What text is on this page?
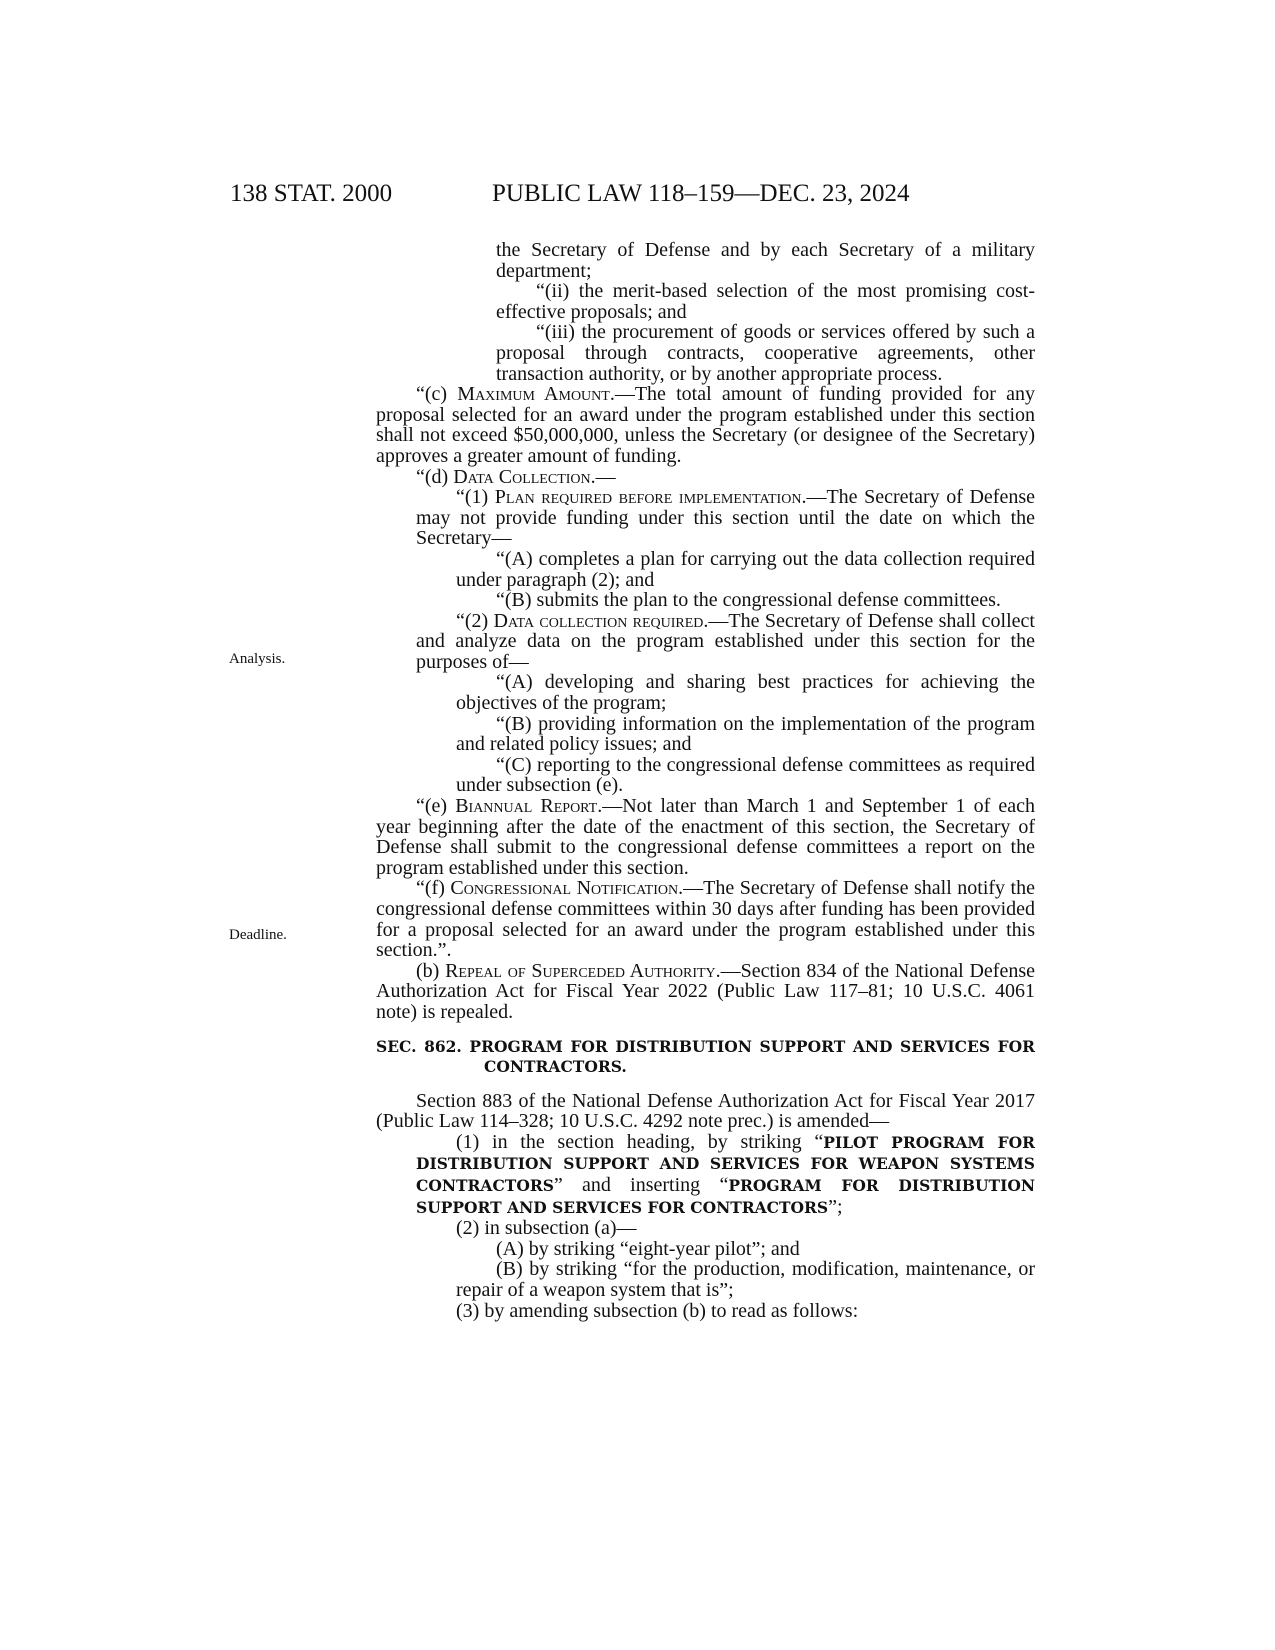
138 STAT. 2000	PUBLIC LAW 118–159—DEC. 23, 2024
Analysis.
Deadline.

the Secretary of Defense and by each Secretary of a military department;

“(ii) the merit-based selection of the most promising cost-effective proposals; and

“(iii) the procurement of goods or services offered by such a proposal through contracts, cooperative agreements, other transaction authority, or by another appropriate process.

“(c) Maximum Amount.—The total amount of funding provided for any proposal selected for an award under the program established under this section shall not exceed $50,000,000, unless the Secretary (or designee of the Secretary) approves a greater amount of funding.

“(d) Data Collection.—

“(1) Plan required before implementation.—The Secretary of Defense may not provide funding under this section until the date on which the Secretary—

“(A) completes a plan for carrying out the data collection required under paragraph (2); and

“(B) submits the plan to the congressional defense committees.

“(2) Data collection required.—The Secretary of Defense shall collect and analyze data on the program established under this section for the purposes of—

“(A) developing and sharing best practices for achieving the objectives of the program;

“(B) providing information on the implementation of the program and related policy issues; and

“(C) reporting to the congressional defense committees as required under subsection (e).

“(e) Biannual Report.—Not later than March 1 and September 1 of each year beginning after the date of the enactment of this section, the Secretary of Defense shall submit to the congressional defense committees a report on the program established under this section.

“(f) Congressional Notification.—The Secretary of Defense shall notify the congressional defense committees within 30 days after funding has been provided for a proposal selected for an award under the program established under this section.”.

(b) Repeal of Superceded Authority.—Section 834 of the National Defense Authorization Act for Fiscal Year 2022 (Public Law 117–81; 10 U.S.C. 4061 note) is repealed.

SEC. 862. PROGRAM FOR DISTRIBUTION SUPPORT AND SERVICES FOR CONTRACTORS.

Section 883 of the National Defense Authorization Act for Fiscal Year 2017 (Public Law 114–328; 10 U.S.C. 4292 note prec.) is amended—

(1) in the section heading, by striking “PILOT PROGRAM FOR DISTRIBUTION SUPPORT AND SERVICES FOR WEAPON SYSTEMS CONTRACTORS” and inserting “PROGRAM FOR DISTRIBUTION SUPPORT AND SERVICES FOR CONTRACTORS”;

(2) in subsection (a)—

(A) by striking “eight-year pilot”; and

(B) by striking “for the production, modification, maintenance, or repair of a weapon system that is”;

(3) by amending subsection (b) to read as follows:
